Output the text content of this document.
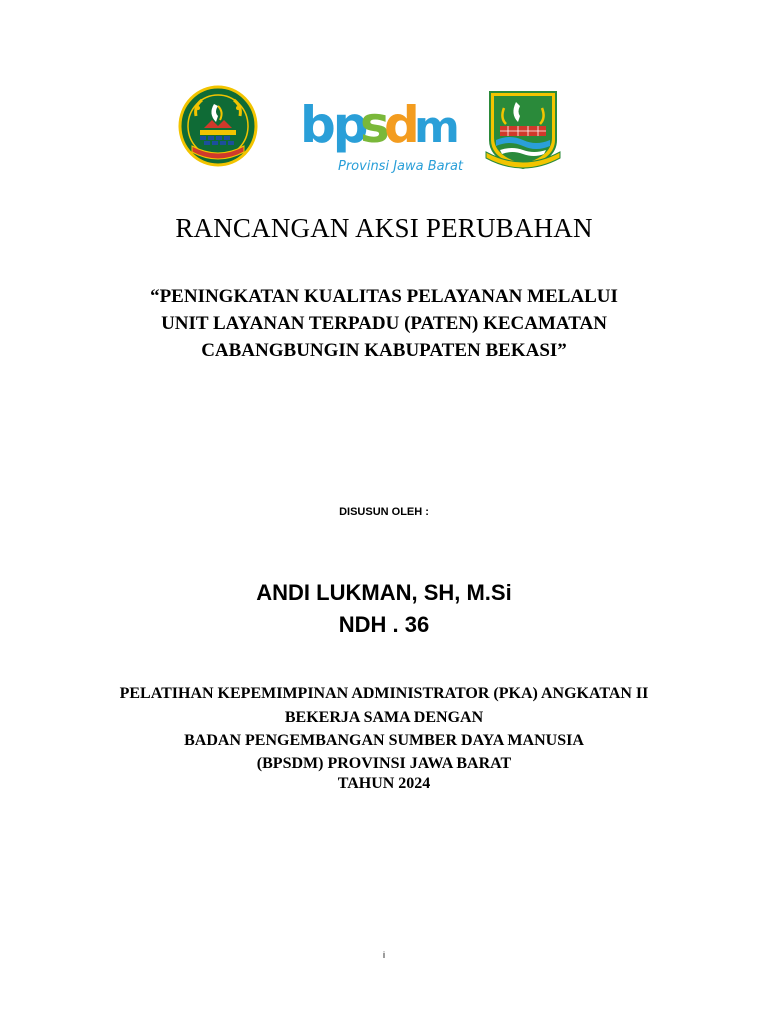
bp
s
d
m
Provinsi Jawa Barat
RANCANGAN AKSI PERUBAHAN
“PENINGKATAN KUALITAS PELAYANAN MELALUI
UNIT LAYANAN TERPADU (PATEN) KECAMATAN
CABANGBUNGIN KABUPATEN BEKASI”
DISUSUN OLEH :
ANDI LUKMAN, SH, M.Si
NDH . 36
PELATIHAN KEPEMIMPINAN ADMINISTRATOR (PKA) ANGKATAN II
BEKERJA SAMA DENGAN
BADAN PENGEMBANGAN SUMBER DAYA MANUSIA
(BPSDM) PROVINSI JAWA BARAT
TAHUN 2024
i
